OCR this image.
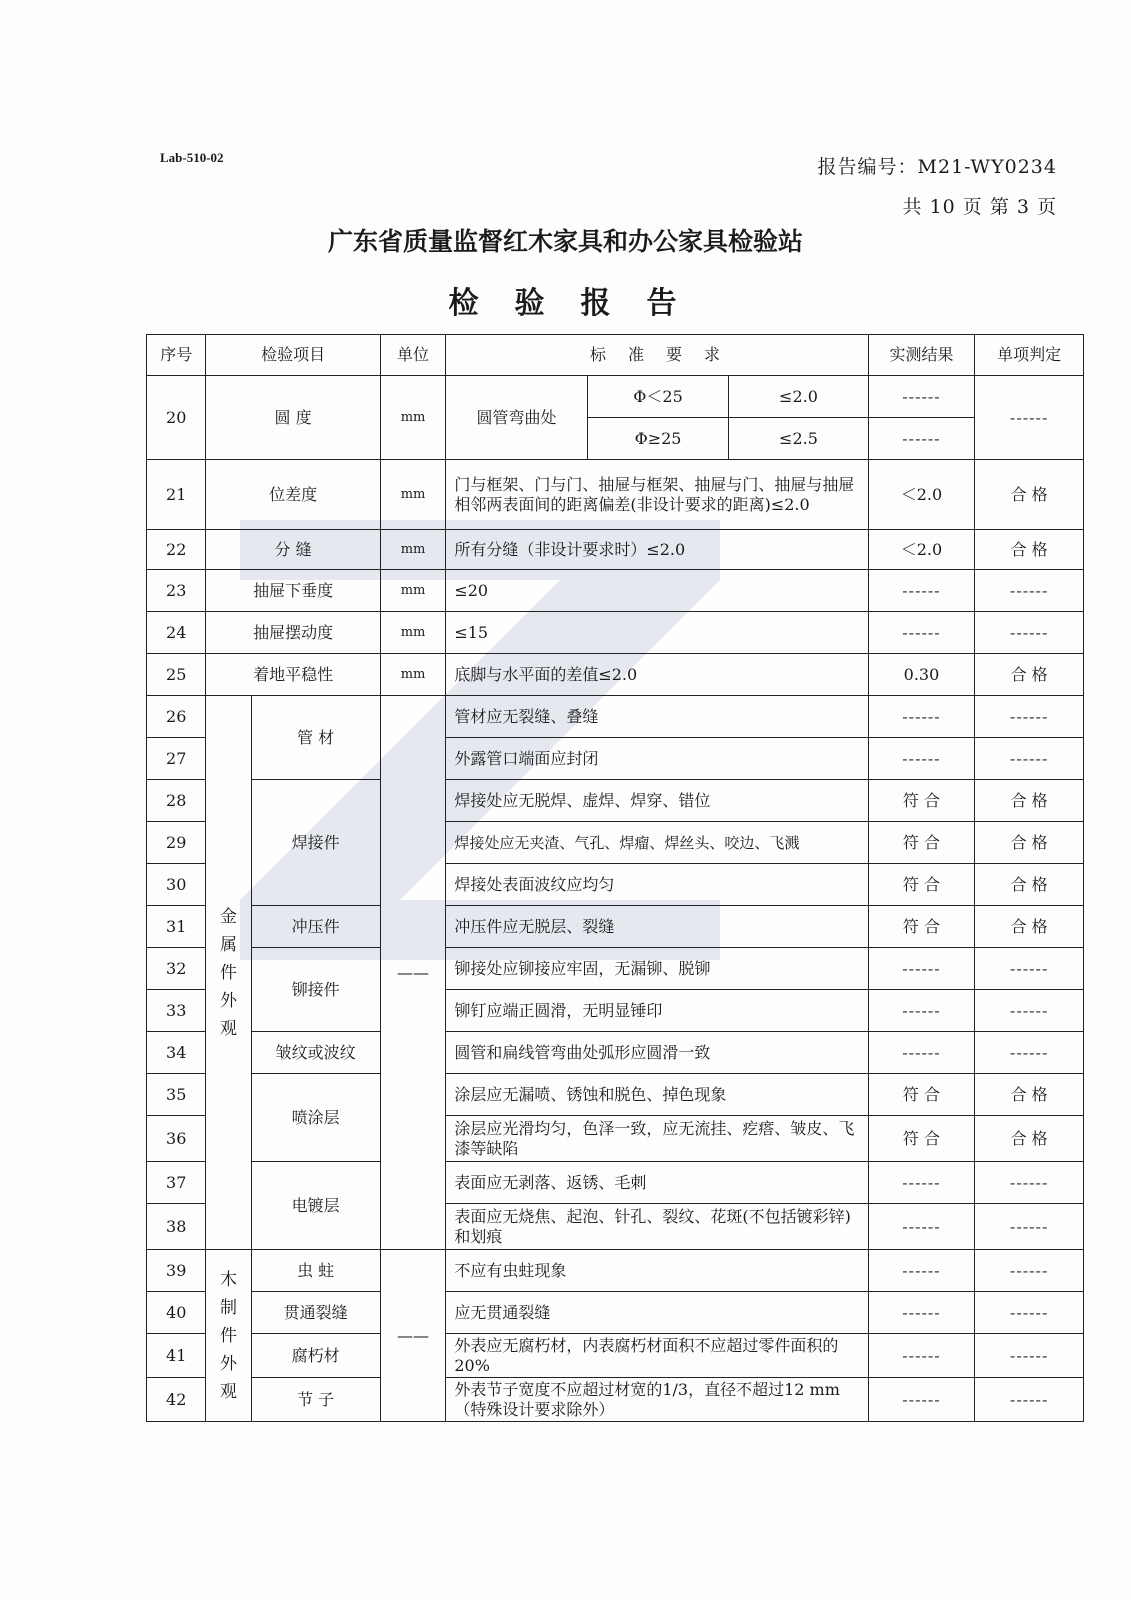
Lab-510-02	报告编号：M21-WY0234
共 10 页 第 3 页
广东省质量监督红木家具和办公家具检验站
检验报告
序号	检验项目		单位	标准要求			实测结果	单项判定
20	圆 度		mm	圆管弯曲处	Φ＜25	≤2.0	------	------
					Φ≥25	≤2.5	------	
21	位差度		mm	门与框架、门与门、抽屉与框架、抽屉与门、抽屉与抽屉相邻两表面间的距离偏差(非设计要求的距离)≤2.0			＜2.0	合 格
22	分 缝		mm	所有分缝（非设计要求时）≤2.0			＜2.0	合 格
23	抽屉下垂度		mm	≤20			------	------
24	抽屉摆动度		mm	≤15			------	------
25	着地平稳性		mm	底脚与水平面的差值≤2.0			0.30	合 格
26	金属件外观	管 材	——	管材应无裂缝、叠缝			------	------
27				外露管口端面应封闭			------	------
28		焊接件		焊接处应无脱焊、虚焊、焊穿、错位			符 合	合 格
29				焊接处应无夹渣、气孔、焊瘤、焊丝头、咬边、飞溅			符 合	合 格
30				焊接处表面波纹应均匀			符 合	合 格
31		冲压件		冲压件应无脱层、裂缝			符 合	合 格
32		铆接件		铆接处应铆接应牢固，无漏铆、脱铆			------	------
33				铆钉应端正圆滑，无明显锤印			------	------
34		皱纹或波纹		圆管和扁线管弯曲处弧形应圆滑一致			------	------
35		喷涂层		涂层应无漏喷、锈蚀和脱色、掉色现象			符 合	合 格
36				涂层应光滑均匀，色泽一致，应无流挂、疙瘩、皱皮、飞漆等缺陷			符 合	合 格
37		电镀层		表面应无剥落、返锈、毛刺			------	------
38				表面应无烧焦、起泡、针孔、裂纹、花斑(不包括镀彩锌)和划痕			------	------
39	木制件外观	虫 蛀	——	不应有虫蛀现象			------	------
40		贯通裂缝		应无贯通裂缝			------	------
41		腐朽材		外表应无腐朽材，内表腐朽材面积不应超过零件面积的20%			------	------
42		节 子		外表节子宽度不应超过材宽的1/3，直径不超过12 mm（特殊设计要求除外）			------	------
